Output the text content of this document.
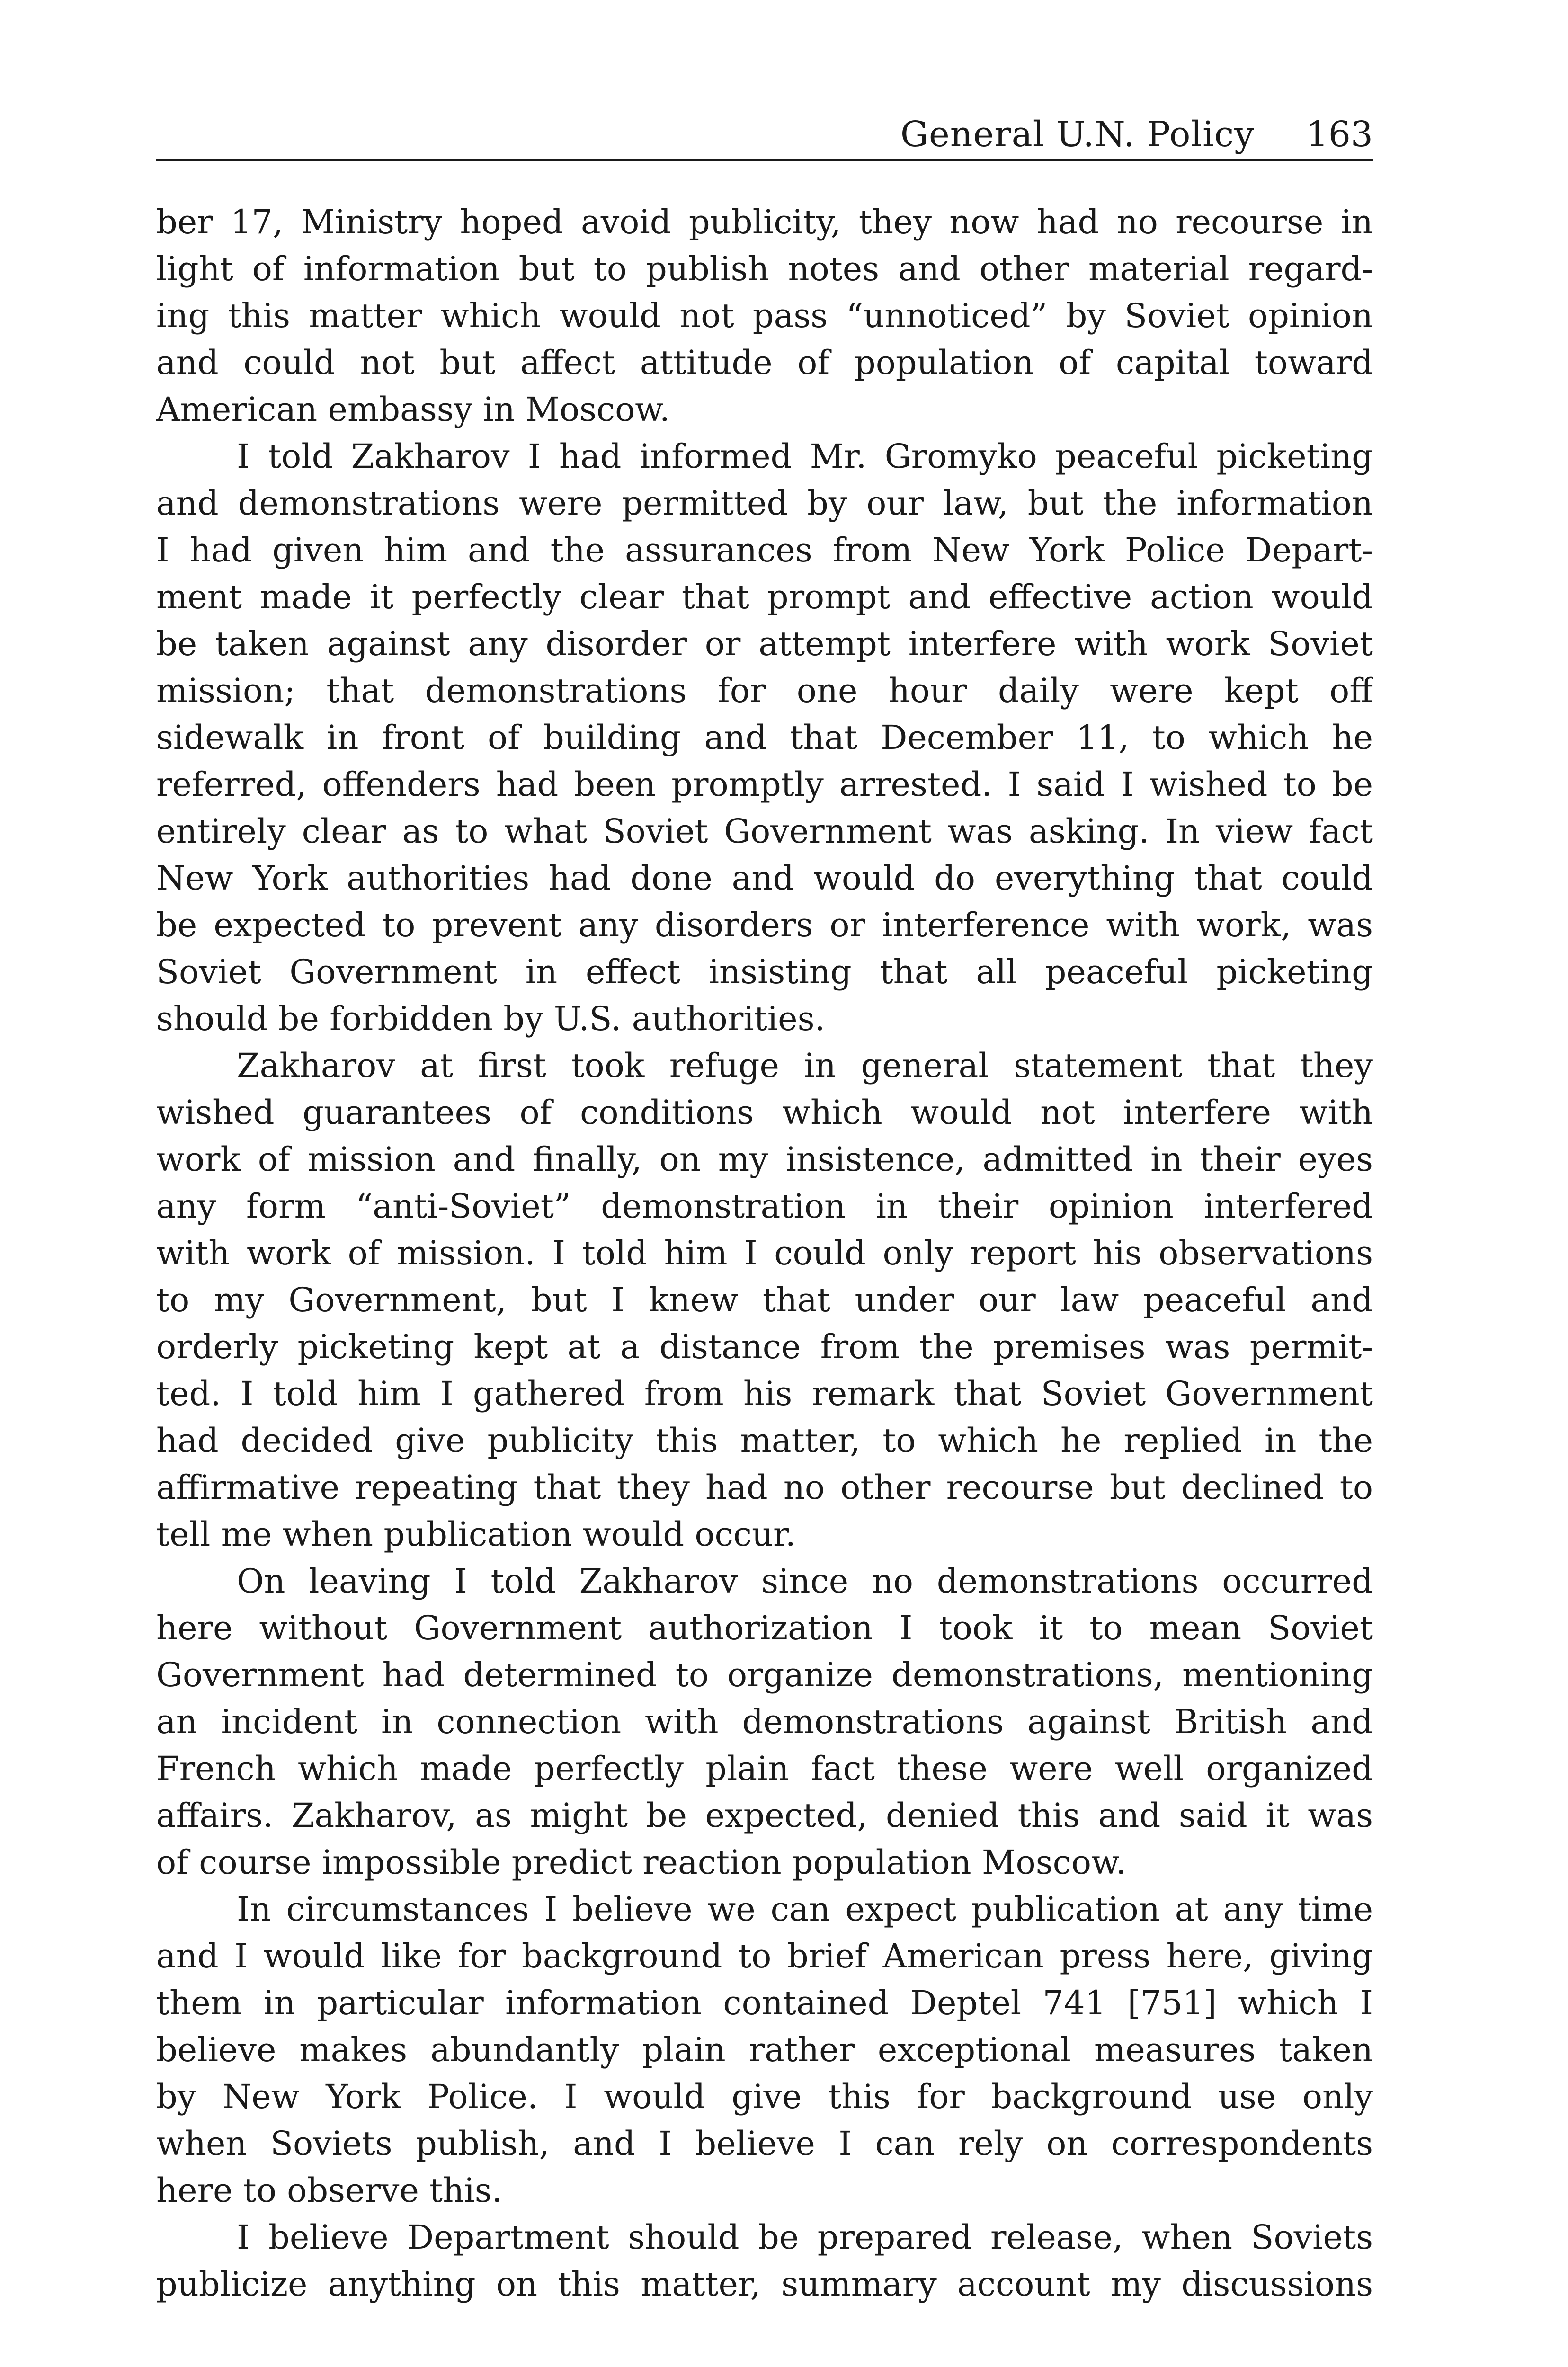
General U.N. Policy 163
ber 17, Ministry hoped avoid publicity, they now had no recourse in
light of information but to publish notes and other material regard-
ing this matter which would not pass “unnoticed” by Soviet opinion
and could not but affect attitude of population of capital toward
American embassy in Moscow.
I told Zakharov I had informed Mr. Gromyko peaceful picketing
and demonstrations were permitted by our law, but the information
I had given him and the assurances from New York Police Depart-
ment made it perfectly clear that prompt and effective action would
be taken against any disorder or attempt interfere with work Soviet
mission; that demonstrations for one hour daily were kept off
sidewalk in front of building and that December 11, to which he
referred, offenders had been promptly arrested. I said I wished to be
entirely clear as to what Soviet Government was asking. In view fact
New York authorities had done and would do everything that could
be expected to prevent any disorders or interference with work, was
Soviet Government in effect insisting that all peaceful picketing
should be forbidden by U.S. authorities.
Zakharov at first took refuge in general statement that they
wished guarantees of conditions which would not interfere with
work of mission and finally, on my insistence, admitted in their eyes
any form “anti-Soviet” demonstration in their opinion interfered
with work of mission. I told him I could only report his observations
to my Government, but I knew that under our law peaceful and
orderly picketing kept at a distance from the premises was permit-
ted. I told him I gathered from his remark that Soviet Government
had decided give publicity this matter, to which he replied in the
affirmative repeating that they had no other recourse but declined to
tell me when publication would occur.
On leaving I told Zakharov since no demonstrations occurred
here without Government authorization I took it to mean Soviet
Government had determined to organize demonstrations, mentioning
an incident in connection with demonstrations against British and
French which made perfectly plain fact these were well organized
affairs. Zakharov, as might be expected, denied this and said it was
of course impossible predict reaction population Moscow.
In circumstances I believe we can expect publication at any time
and I would like for background to brief American press here, giving
them in particular information contained Deptel 741 [751] which I
believe makes abundantly plain rather exceptional measures taken
by New York Police. I would give this for background use only
when Soviets publish, and I believe I can rely on correspondents
here to observe this.
I believe Department should be prepared release, when Soviets
publicize anything on this matter, summary account my discussions
